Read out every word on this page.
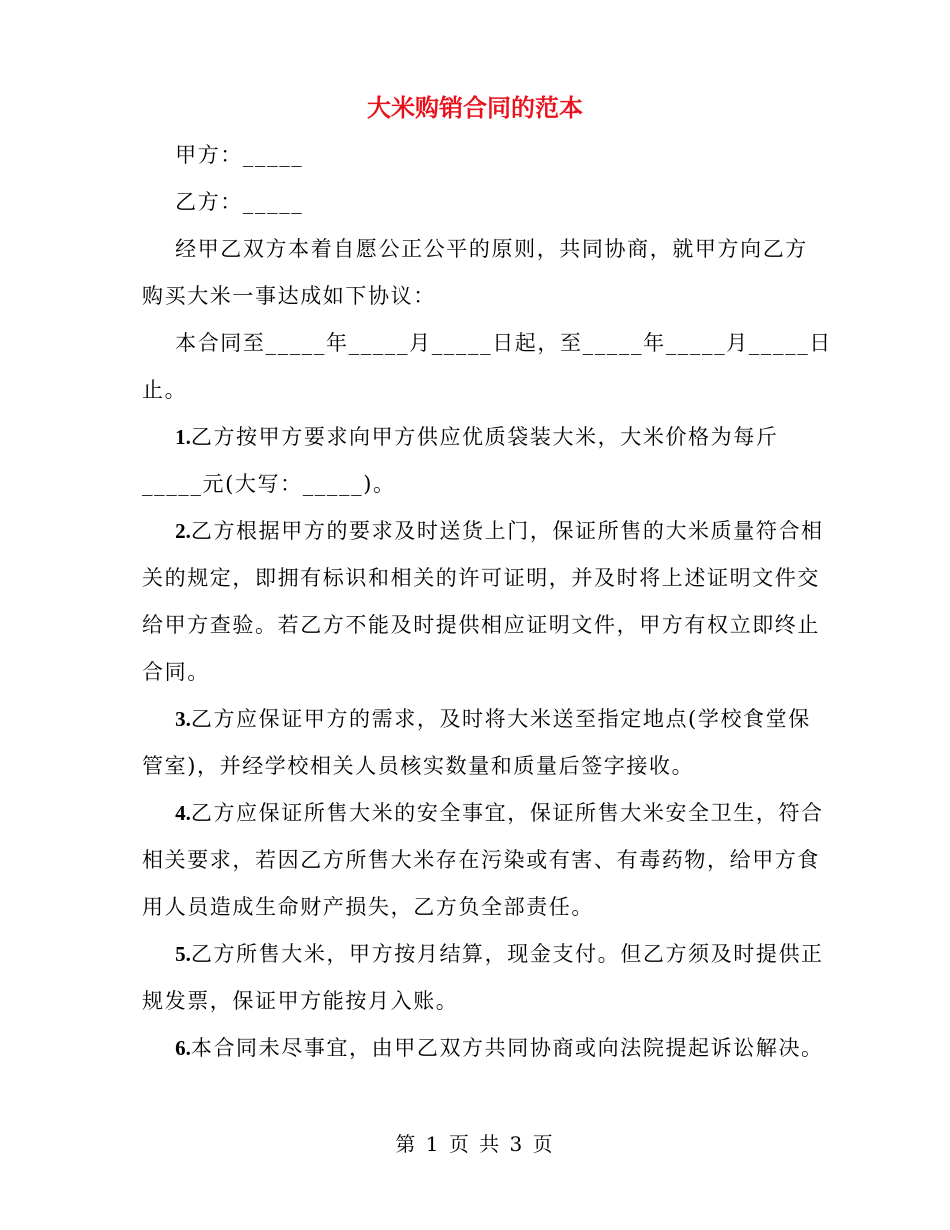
大米购销合同的范本

甲方：_____

乙方：_____

经甲乙双方本着自愿公正公平的原则，共同协商，就甲方向乙方

购买大米一事达成如下协议：

本合同至_____年_____月_____日起，至_____年_____月_____日

止。

1.乙方按甲方要求向甲方供应优质袋装大米，大米价格为每斤

_____元(大写：_____)。

2.乙方根据甲方的要求及时送货上门，保证所售的大米质量符合相

关的规定，即拥有标识和相关的许可证明，并及时将上述证明文件交

给甲方查验。若乙方不能及时提供相应证明文件，甲方有权立即终止

合同。

3.乙方应保证甲方的需求，及时将大米送至指定地点(学校食堂保

管室)，并经学校相关人员核实数量和质量后签字接收。

4.乙方应保证所售大米的安全事宜，保证所售大米安全卫生，符合

相关要求，若因乙方所售大米存在污染或有害、有毒药物，给甲方食

用人员造成生命财产损失，乙方负全部责任。

5.乙方所售大米，甲方按月结算，现金支付。但乙方须及时提供正

规发票，保证甲方能按月入账。

6.本合同未尽事宜，由甲乙双方共同协商或向法院提起诉讼解决。

第 1 页 共 3 页
